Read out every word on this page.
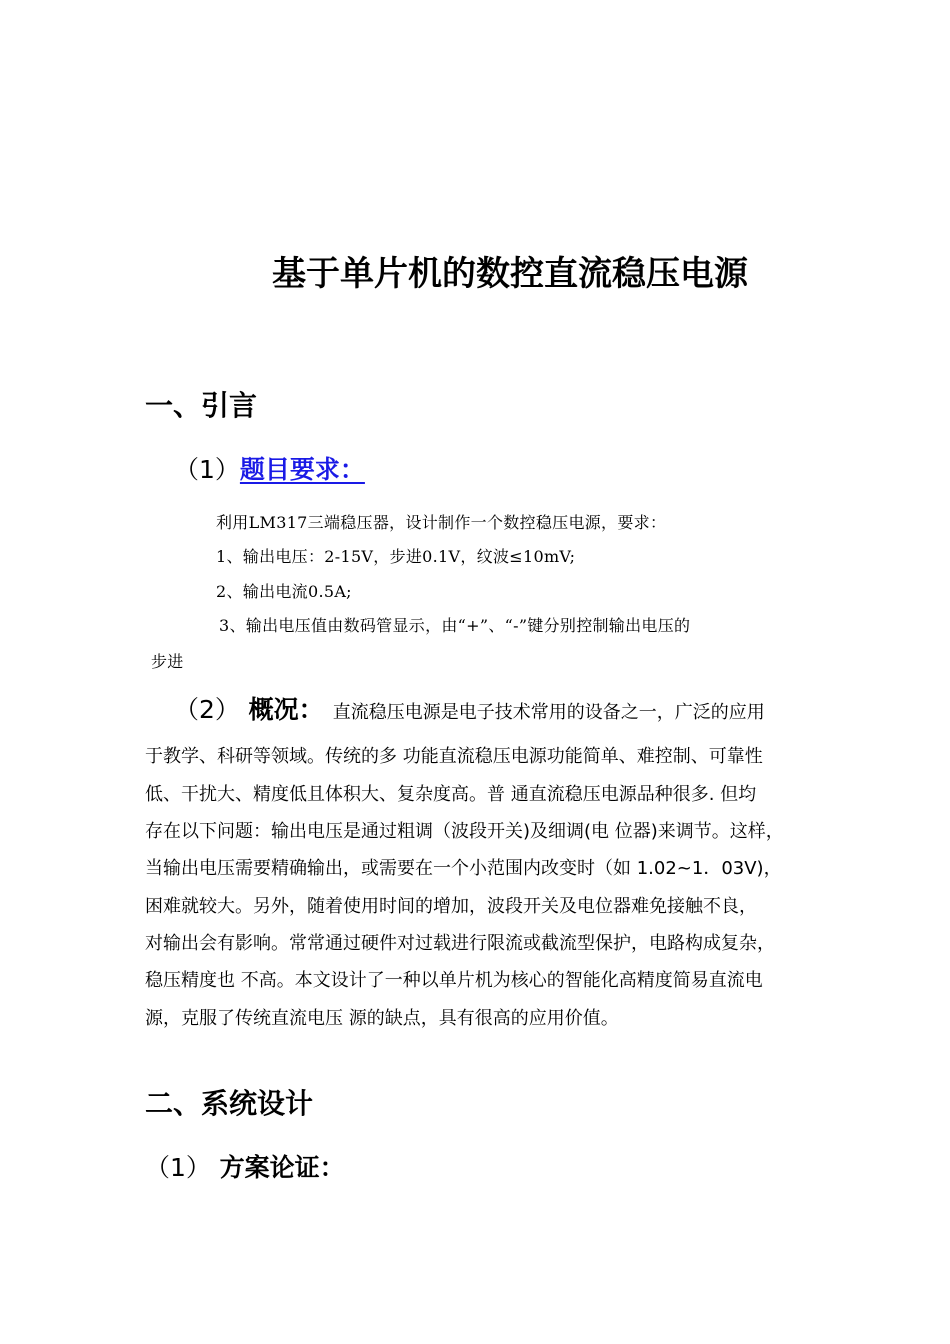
基于单片机的数控直流稳压电源
一、引言
（1）题目要求：
利用LM317三端稳压器，设计制作一个数控稳压电源，要求：
1、输出电压：2-15V，步进0.1V，纹波≤10mV;
2、输出电流0.5A;
3、输出电压值由数码管显示，由“+”、“-”键分别控制输出电压的
步进
（2） 概况： 直流稳压电源是电子技术常用的设备之一，广泛的应用
于教学、科研等领域。传统的多 功能直流稳压电源功能简单、难控制、可靠性
低、干扰大、精度低且体积大、复杂度高。普 通直流稳压电源品种很多. 但均
存在以下问题：输出电压是通过粗调（波段开关)及细调(电 位器)来调节。这样，
当输出电压需要精确输出，或需要在一个小范围内改变时（如 1.02~1．03V)，
困难就较大。另外，随着使用时间的增加，波段开关及电位器难免接触不良，
对输出会有影响。常常通过硬件对过载进行限流或截流型保护，电路构成复杂，
稳压精度也 不高。本文设计了一种以单片机为核心的智能化高精度简易直流电
源，克服了传统直流电压 源的缺点，具有很高的应用价值。
二、系统设计
（1） 方案论证：
